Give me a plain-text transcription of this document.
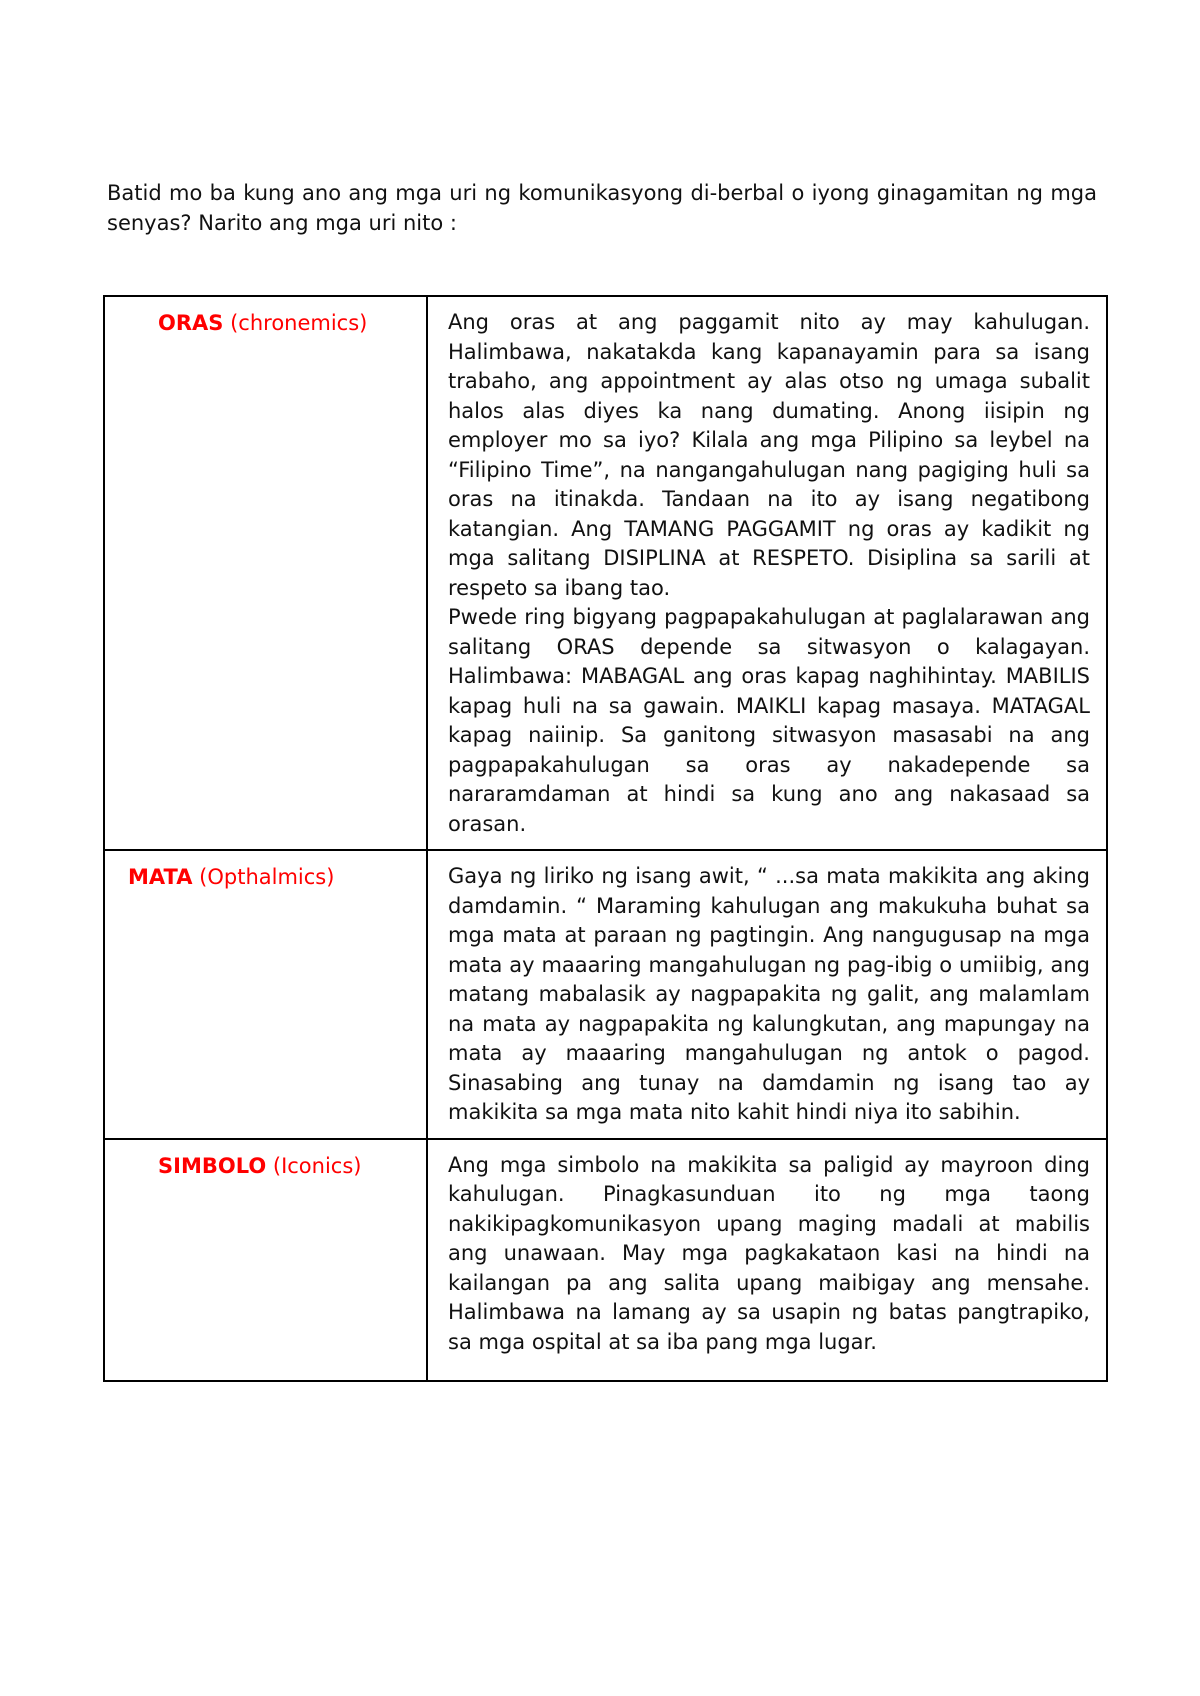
Batid mo ba kung ano ang mga uri ng komunikasyong di-berbal o iyong ginagamitan ng mga senyas? Narito ang mga uri nito :

ORAS (chronemics)	Ang oras at ang paggamit nito ay may kahulugan. Halimbawa, nakatakda kang kapanayamin para sa isang trabaho, ang appointment ay alas otso ng umaga subalit halos alas diyes ka nang dumating. Anong iisipin ng employer mo sa iyo? Kilala ang mga Pilipino sa leybel na “Filipino Time”, na nangangahulugan nang pagiging huli sa oras na itinakda. Tandaan na ito ay isang negatibong katangian. Ang TAMANG PAGGAMIT ng oras ay kadikit ng mga salitang DISIPLINA at RESPETO. Disiplina sa sarili at respeto sa ibang tao.

Pwede ring bigyang pagpapakahulugan at paglalarawan ang salitang ORAS depende sa sitwasyon o kalagayan. Halimbawa: MABAGAL ang oras kapag naghihintay. MABILIS kapag huli na sa gawain. MAIKLI kapag masaya. MATAGAL kapag naiinip. Sa ganitong sitwasyon masasabi na ang pagpapakahulugan sa oras ay nakadepende sa nararamdaman at hindi sa kung ano ang nakasaad sa orasan.

MATA (Opthalmics)	Gaya ng liriko ng isang awit, “ ...sa mata makikita ang aking damdamin. “ Maraming kahulugan ang makukuha buhat sa mga mata at paraan ng pagtingin. Ang nangugusap na mga mata ay maaaring mangahulugan ng pag-ibig o umiibig, ang matang mabalasik ay nagpapakita ng galit, ang malamlam na mata ay nagpapakita ng kalungkutan, ang mapungay na mata ay maaaring mangahulugan ng antok o pagod. Sinasabing ang tunay na damdamin ng isang tao ay makikita sa mga mata nito kahit hindi niya ito sabihin.

SIMBOLO (Iconics)	Ang mga simbolo na makikita sa paligid ay mayroon ding kahulugan. Pinagkasunduan ito ng mga taong nakikipagkomunikasyon upang maging madali at mabilis ang unawaan. May mga pagkakataon kasi na hindi na kailangan pa ang salita upang maibigay ang mensahe. Halimbawa na lamang ay sa usapin ng batas pangtrapiko, sa mga ospital at sa iba pang mga lugar.
